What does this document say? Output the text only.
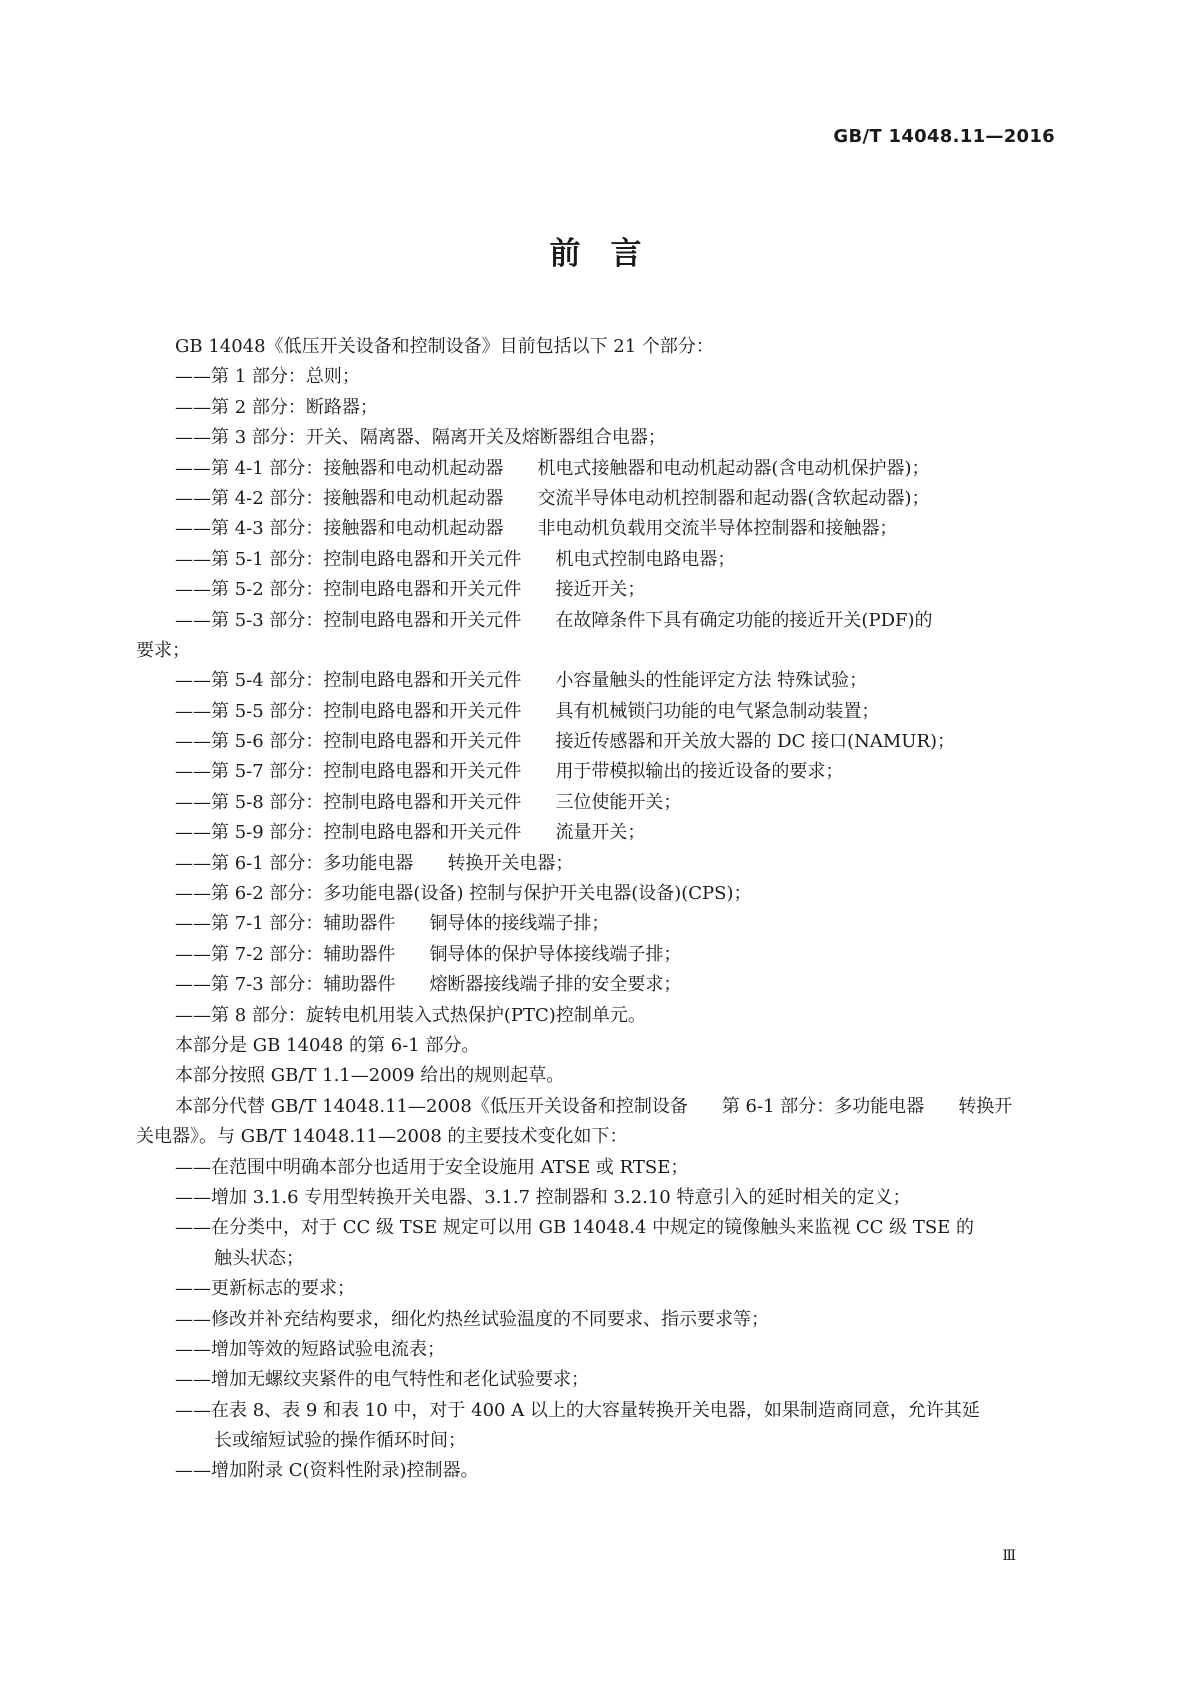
GB/T 14048.11—2016
前言
GB 14048《低压开关设备和控制设备》目前包括以下 21 个部分：
——第 1 部分：总则；
——第 2 部分：断路器；
——第 3 部分：开关、隔离器、隔离开关及熔断器组合电器；
——第 4-1 部分：接触器和电动机起动器 机电式接触器和电动机起动器(含电动机保护器)；
——第 4-2 部分：接触器和电动机起动器 交流半导体电动机控制器和起动器(含软起动器)；
——第 4-3 部分：接触器和电动机起动器 非电动机负载用交流半导体控制器和接触器；
——第 5-1 部分：控制电路电器和开关元件 机电式控制电路电器；
——第 5-2 部分：控制电路电器和开关元件 接近开关；
——第 5-3 部分：控制电路电器和开关元件 在故障条件下具有确定功能的接近开关(PDF)的
要求；
——第 5-4 部分：控制电路电器和开关元件 小容量触头的性能评定方法 特殊试验；
——第 5-5 部分：控制电路电器和开关元件 具有机械锁闩功能的电气紧急制动装置；
——第 5-6 部分：控制电路电器和开关元件 接近传感器和开关放大器的 DC 接口(NAMUR)；
——第 5-7 部分：控制电路电器和开关元件 用于带模拟输出的接近设备的要求；
——第 5-8 部分：控制电路电器和开关元件 三位使能开关；
——第 5-9 部分：控制电路电器和开关元件 流量开关；
——第 6-1 部分：多功能电器 转换开关电器；
——第 6-2 部分：多功能电器(设备) 控制与保护开关电器(设备)(CPS)；
——第 7-1 部分：辅助器件 铜导体的接线端子排；
——第 7-2 部分：辅助器件 铜导体的保护导体接线端子排；
——第 7-3 部分：辅助器件 熔断器接线端子排的安全要求；
——第 8 部分：旋转电机用装入式热保护(PTC)控制单元。
本部分是 GB 14048 的第 6-1 部分。
本部分按照 GB/T 1.1—2009 给出的规则起草。
本部分代替 GB/T 14048.11—2008《低压开关设备和控制设备 第 6-1 部分：多功能电器 转换开
关电器》。与 GB/T 14048.11—2008 的主要技术变化如下：
——在范围中明确本部分也适用于安全设施用 ATSE 或 RTSE；
——增加 3.1.6 专用型转换开关电器、3.1.7 控制器和 3.2.10 特意引入的延时相关的定义；
——在分类中，对于 CC 级 TSE 规定可以用 GB 14048.4 中规定的镜像触头来监视 CC 级 TSE 的
触头状态；
——更新标志的要求；
——修改并补充结构要求，细化灼热丝试验温度的不同要求、指示要求等；
——增加等效的短路试验电流表；
——增加无螺纹夹紧件的电气特性和老化试验要求；
——在表 8、表 9 和表 10 中，对于 400 A 以上的大容量转换开关电器，如果制造商同意，允许其延
长或缩短试验的操作循环时间；
——增加附录 C(资料性附录)控制器。
Ⅲ
